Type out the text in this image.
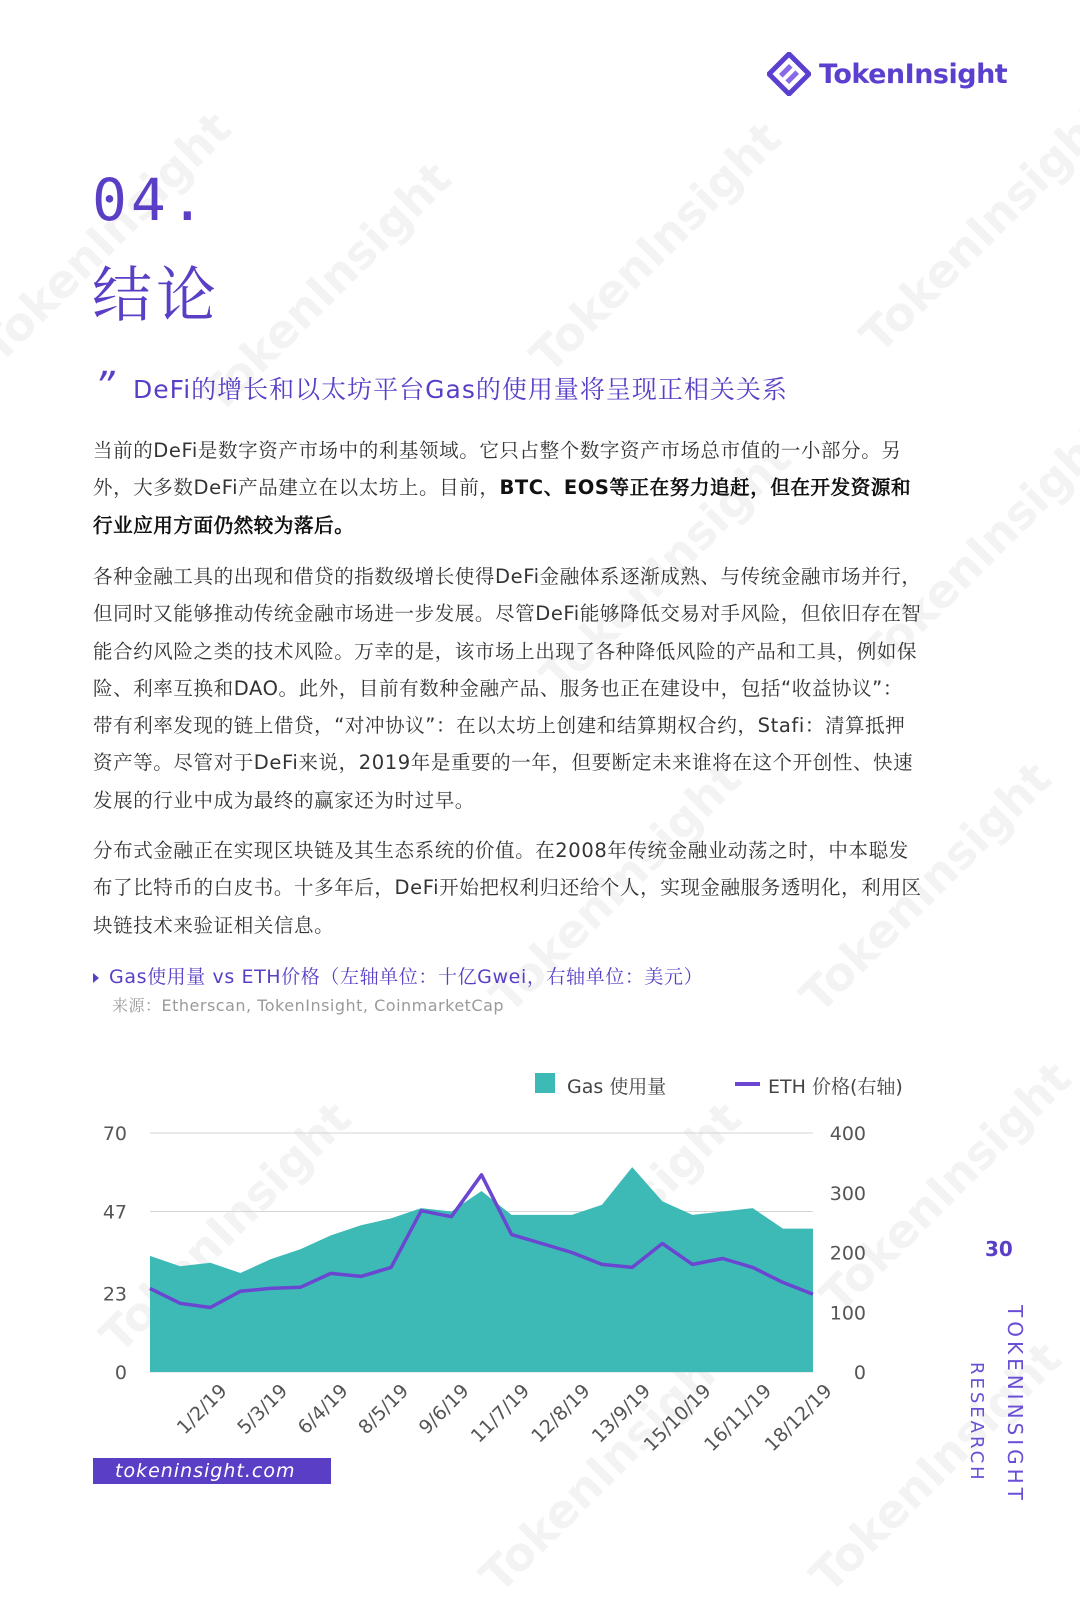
TokenInsight
04.
结论
” DeFi的增长和以太坊平台Gas的使用量将呈现正相关关系

当前的DeFi是数字资产市场中的利基领域。它只占整个数字资产市场总市值的一小部分。另外，大多数DeFi产品建立在以太坊上。目前，BTC、EOS等正在努力追赶，但在开发资源和行业应用方面仍然较为落后。

各种金融工具的出现和借贷的指数级增长使得DeFi金融体系逐渐成熟、与传统金融市场并行，但同时又能够推动传统金融市场进一步发展。尽管DeFi能够降低交易对手风险，但依旧存在智能合约风险之类的技术风险。万幸的是，该市场上出现了各种降低风险的产品和工具，例如保险、利率互换和DAO。此外，目前有数种金融产品、服务也正在建设中，包括“收益协议”：带有利率发现的链上借贷，“对冲协议”：在以太坊上创建和结算期权合约，Stafi：清算抵押资产等。尽管对于DeFi来说，2019年是重要的一年，但要断定未来谁将在这个开创性、快速发展的行业中成为最终的赢家还为时过早。

分布式金融正在实现区块链及其生态系统的价值。在2008年传统金融业动荡之时，中本聪发布了比特币的白皮书。十多年后，DeFi开始把权利归还给个人，实现金融服务透明化，利用区块链技术来验证相关信息。

Gas使用量 vs ETH价格（左轴单位：十亿Gwei，右轴单位：美元）
来源：Etherscan, TokenInsight, CoinmarketCap
Gas 使用量	ETH 价格(右轴)
0
23
47
70
0
100
200
300
400
1/2/19 5/3/19 6/4/19 8/5/19 9/6/19
11/7/19
12/8/19
13/9/19
15/10/19
16/11/19
18/12/19
tokeninsight.com
30
TOKENINSIGHT
RESEARCH
